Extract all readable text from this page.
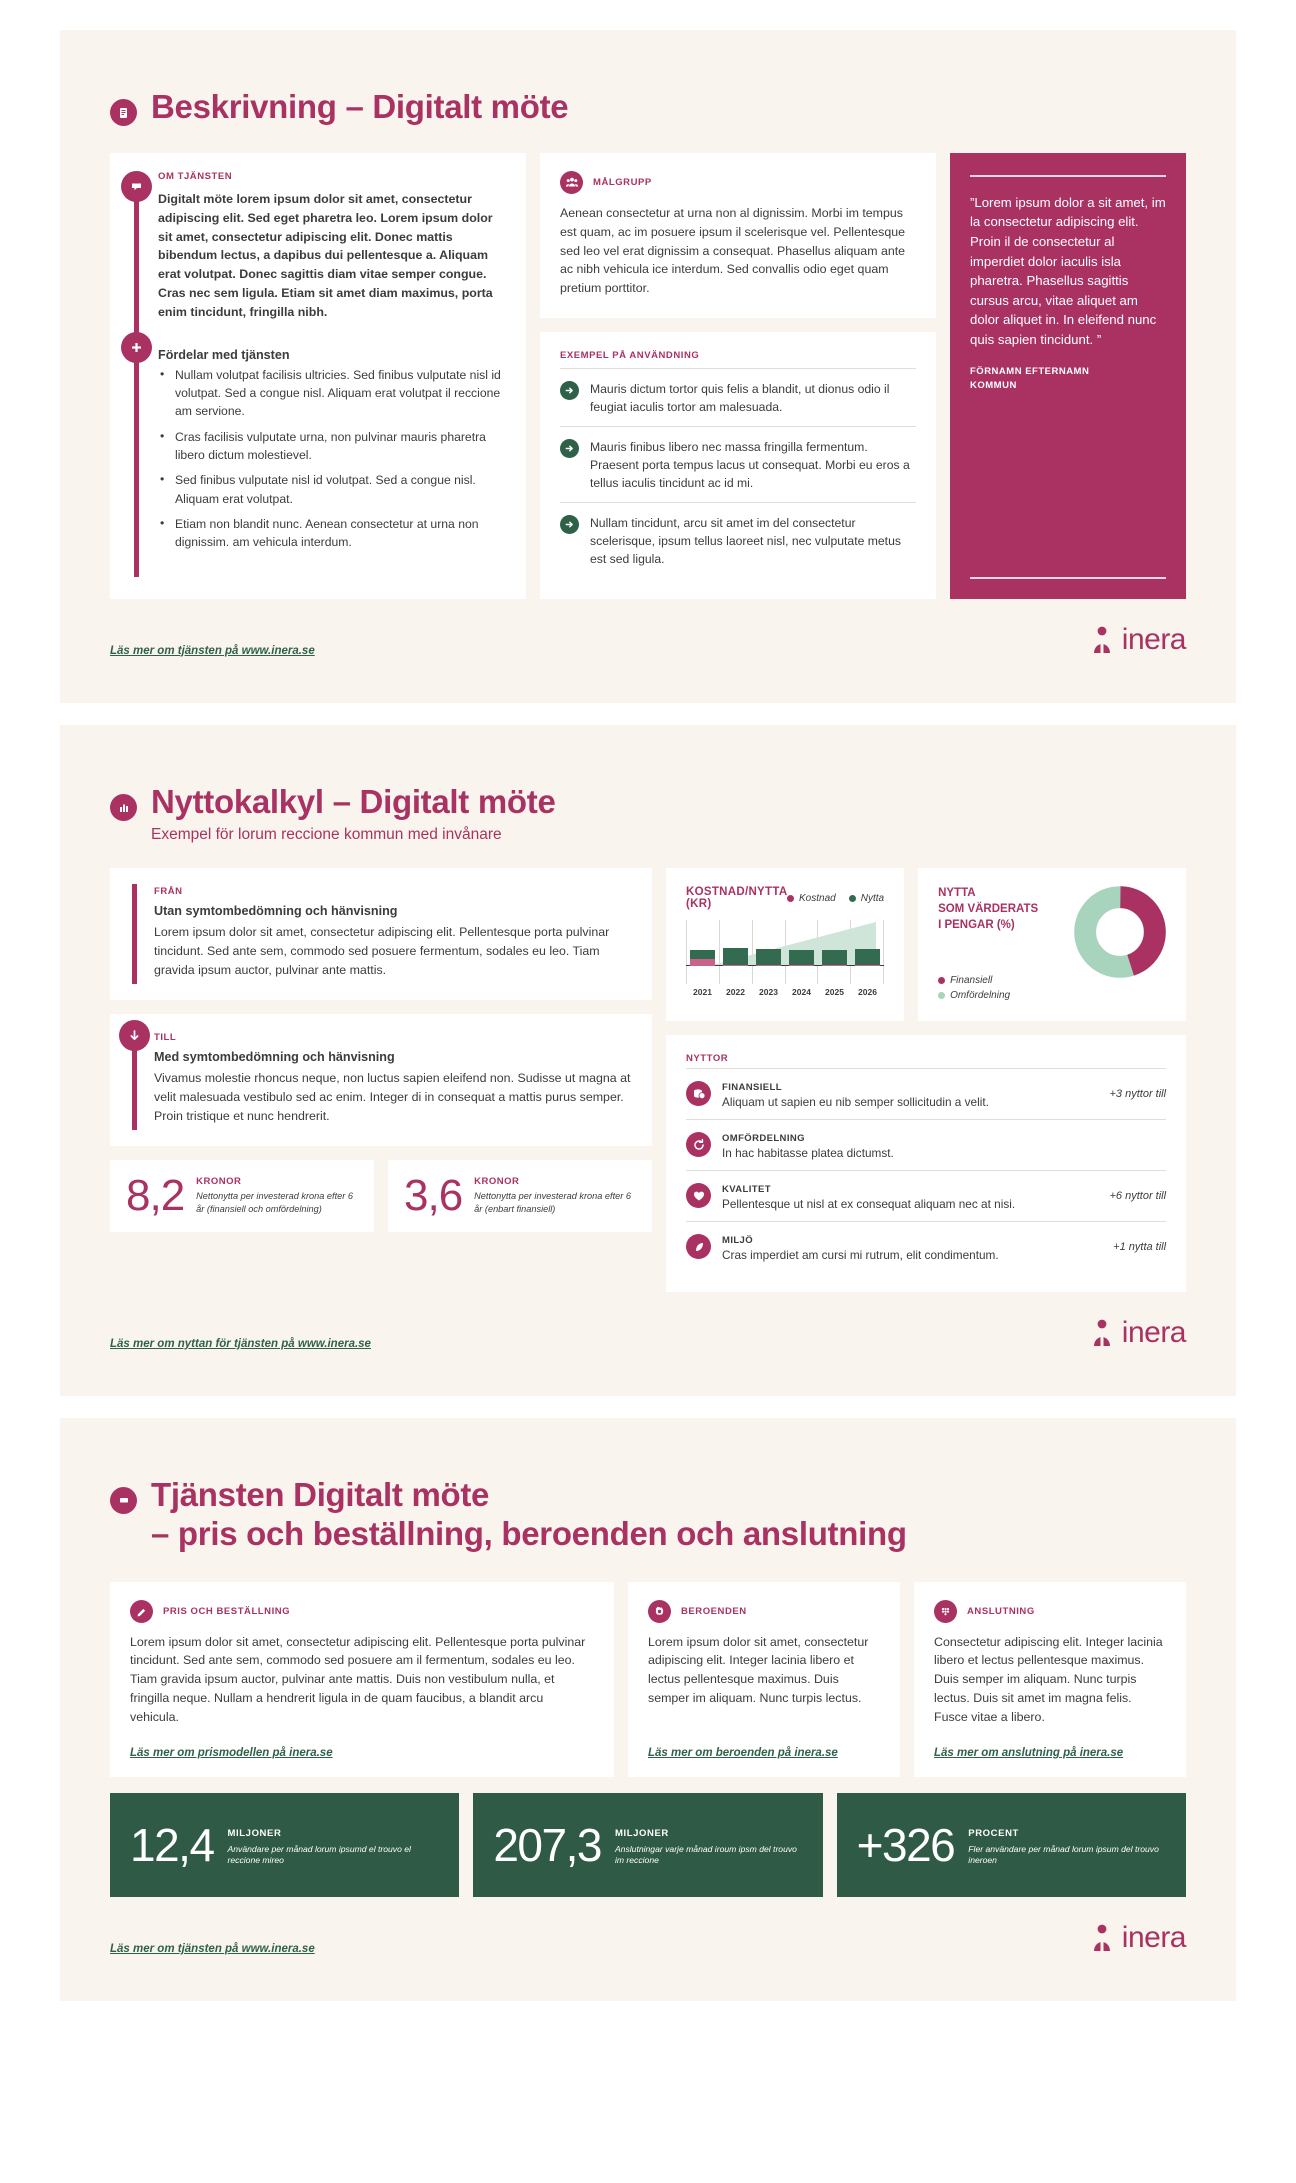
Beskrivning – Digitalt möte
OM TJÄNSTEN

Digitalt möte lorem ipsum dolor sit amet, consectetur adipiscing elit. Sed eget pharetra leo. Lorem ipsum dolor sit amet, consectetur adipiscing elit. Donec mattis bibendum lectus, a dapibus dui pellentesque a. Aliquam erat volutpat. Donec sagittis diam vitae semper congue. Cras nec sem ligula. Etiam sit amet diam maximus, porta enim tincidunt, fringilla nibh.

Fördelar med tjänsten
• Nullam volutpat facilisis ultricies. Sed finibus vulputate nisl id volutpat. Sed a congue nisl. Aliquam erat volutpat il reccione am servione.
• Cras facilisis vulputate urna, non pulvinar mauris pharetra libero dictum molestievel.
• Sed finibus vulputate nisl id volutpat. Sed a congue nisl. Aliquam erat volutpat.
• Etiam non blandit nunc. Aenean consectetur at urna non dignissim. am vehicula interdum.
MÅLGRUPP

Aenean consectetur at urna non al dignissim. Morbi im tempus est quam, ac im posuere ipsum il scelerisque vel. Pellentesque sed leo vel erat dignissim a consequat. Phasellus aliquam ante ac nibh vehicula ice interdum. Sed convallis odio eget quam pretium porttitor.

EXEMPEL PÅ ANVÄNDNING
Mauris dictum tortor quis felis a blandit, ut dionus odio il feugiat iaculis tortor am malesuada.
Mauris finibus libero nec massa fringilla fermentum. Praesent porta tempus lacus ut consequat. Morbi eu eros a tellus iaculis tincidunt ac id mi.
Nullam tincidunt, arcu sit amet im del consectetur scelerisque, ipsum tellus laoreet nisl, nec vulputate metus est sed ligula.
”Lorem ipsum dolor a sit amet, im la consectetur adipiscing elit. Proin il de consectetur al imperdiet dolor iaculis isla pharetra. Phasellus sagittis cursus arcu, vitae aliquet am dolor aliquet in. In eleifend nunc quis sapien tincidunt. ”
FÖRNAMN EFTERNAMN
KOMMUN
Läs mer om tjänsten på www.inera.se	inera
Nyttokalkyl – Digitalt möte
Exempel för lorum reccione kommun med invånare
FRÅN
Utan symtombedömning och hänvisning

Lorem ipsum dolor sit amet, consectetur adipiscing elit. Pellentesque porta pulvinar tincidunt. Sed ante sem, commodo sed posuere fermentum, sodales eu leo. Tiam gravida ipsum auctor, pulvinar ante mattis.

TILL
Med symtombedömning och hänvisning

Vivamus molestie rhoncus neque, non luctus sapien eleifend non. Sudisse ut magna at velit malesuada vestibulo sed ac enim. Integer di in consequat a mattis purus semper. Proin tristique et nunc hendrerit.

8,2 KRONOR
Nettonytta per investerad krona efter 6 år (finansiell och omfördelning)	3,6 KRONOR
Nettonytta per investerad krona efter 6 år (enbart finansiell)
KOSTNAD/NYTTA (KR)	Kostnad	Nytta
2021	2022	2023	2024	2025	2026
NYTTA
SOM VÄRDERATS
I PENGAR (%)
Finansiell
Omfördelning
NYTTOR
FINANSIELL
Aliquam ut sapien eu nib semper sollicitudin a velit.
+3 nyttor till
OMFÖRDELNING
In hac habitasse platea dictumst.
KVALITET
Pellentesque ut nisl at ex consequat aliquam nec at nisi.
+6 nyttor till
MILJÖ
Cras imperdiet am cursi mi rutrum, elit condimentum.
+1 nytta till
Läs mer om nyttan för tjänsten på www.inera.se	inera
Tjänsten Digitalt möte
– pris och beställning, beroenden och anslutning
PRIS OCH BESTÄLLNING

Lorem ipsum dolor sit amet, consectetur adipiscing elit. Pellentesque porta pulvinar tincidunt. Sed ante sem, commodo sed posuere am il fermentum, sodales eu leo. Tiam gravida ipsum auctor, pulvinar ante mattis. Duis non vestibulum nulla, et fringilla neque. Nullam a hendrerit ligula in de quam faucibus, a blandit arcu vehicula.

Läs mer om prismodellen på inera.se
BEROENDEN

Lorem ipsum dolor sit amet, consectetur adipiscing elit. Integer lacinia libero et lectus pellentesque maximus. Duis semper im aliquam. Nunc turpis lectus.

Läs mer om beroenden på inera.se
ANSLUTNING

Consectetur adipiscing elit. Integer lacinia libero et lectus pellentesque maximus. Duis semper im aliquam. Nunc turpis lectus. Duis sit amet im magna felis. Fusce vitae a libero.

Läs mer om anslutning på inera.se
12,4 MILJONER
Användare per månad lorum ipsumd el trouvo el reccione mireo	207,3 MILJONER
Anslutningar varje månad iroum ipsm del trouvo im reccione	+326 PROCENT
Fler användare per månad lorum ipsum del trouvo ineroen
Läs mer om tjänsten på www.inera.se	inera
